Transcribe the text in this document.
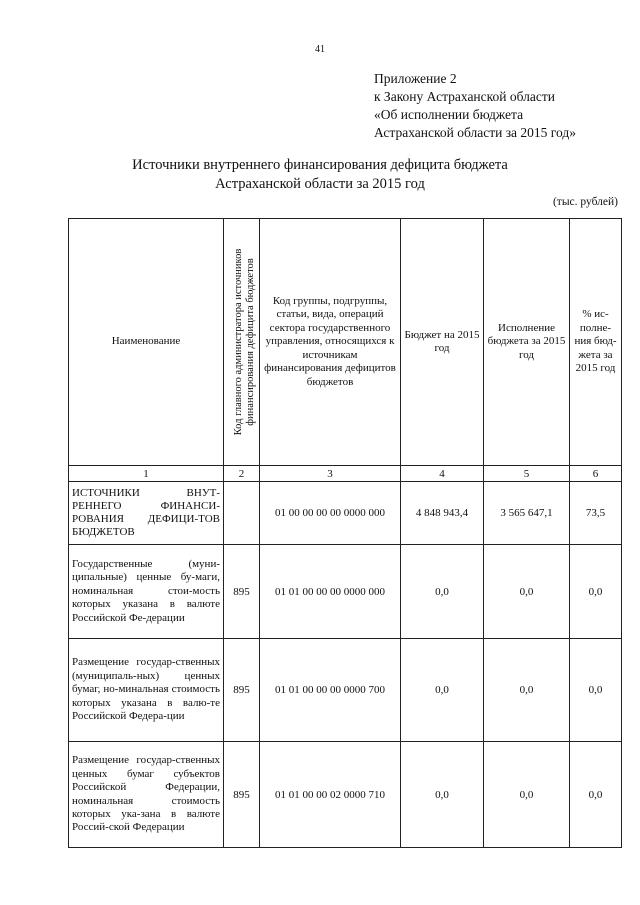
41
Приложение 2
к Закону Астраханской области
«Об исполнении бюджета
Астраханской области за 2015 год»
Источники внутреннего финансирования дефицита бюджета
Астраханской области за 2015 год
(тыс. рублей)
Наименование	Код главного администратора источников финансирования дефицита бюджетов	Код группы, подгруппы, статьи, вида, операций сектора государственного управления, относящихся к источникам финансирования дефицитов бюджетов	Бюджет на 2015 год	Исполнение бюджета за 2015 год	% ис-полне-ния бюд-жета за 2015 год
1	2	3	4	5	6
ИСТОЧНИКИ ВНУТ-РЕННЕГО ФИНАНСИ-РОВАНИЯ ДЕФИЦИ-ТОВ БЮДЖЕТОВ		01 00 00 00 00 0000 000	4 848 943,4	3 565 647,1	73,5
Государственные (муни-ципальные) ценные бу-маги, номинальная стои-мость которых указана в валюте Российской Фе-дерации	895	01 01 00 00 00 0000 000	0,0	0,0	0,0
Размещение государ-ственных (муниципаль-ных) ценных бумаг, но-минальная стоимость которых указана в валю-те Российской Федера-ции	895	01 01 00 00 00 0000 700	0,0	0,0	0,0
Размещение государ-ственных ценных бумаг субъектов Российской Федерации, номинальная стоимость которых ука-зана в валюте Россий-ской Федерации	895	01 01 00 00 02 0000 710	0,0	0,0	0,0
